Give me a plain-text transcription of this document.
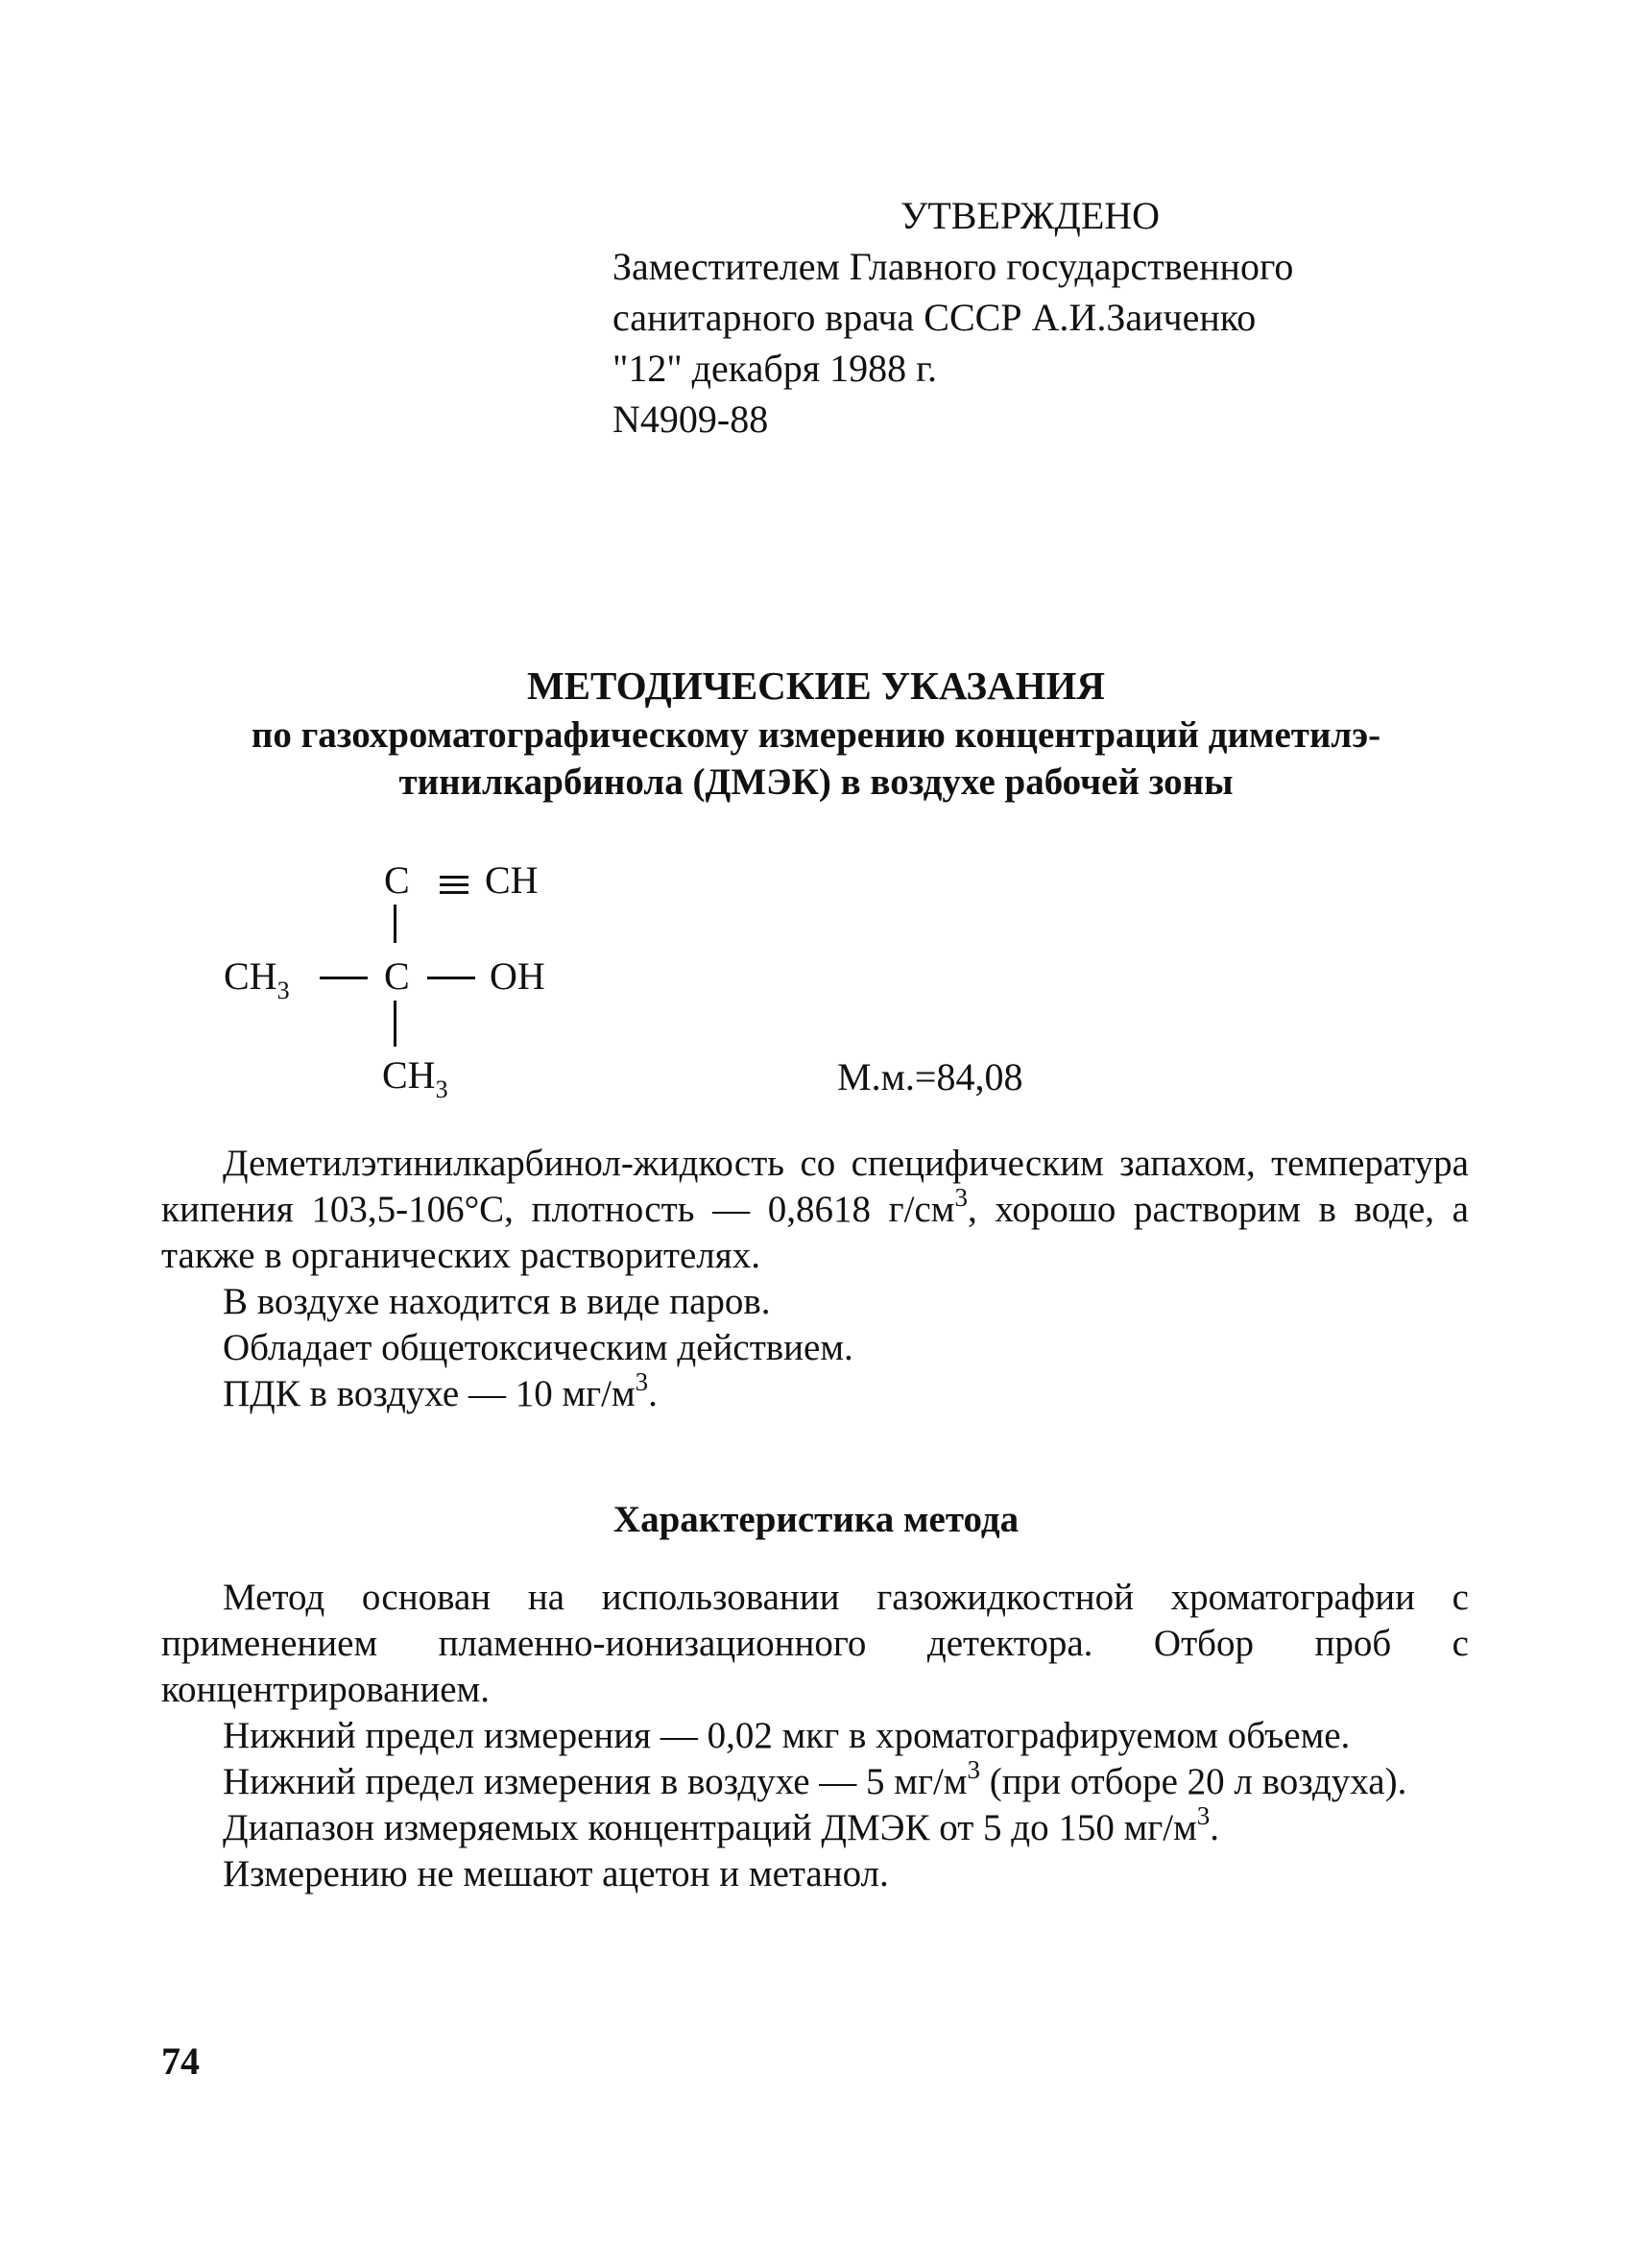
УТВЕРЖДЕНО
Заместителем Главного государственного
санитарного врача СССР А.И.Заиченко
"12" декабря 1988 г.
N4909-88
МЕТОДИЧЕСКИЕ УКАЗАНИЯ
по газохроматографическому измерению концентраций диметилэ-
тинилкарбинола (ДМЭК) в воздухе рабочей зоны
C CH
$CH_3$ C OH
$CH_3$	М.м.=84,08

Деметилэтинилкарбинол-жидкость со специфическим запахом, температура кипения 103,5-106°С, плотность — 0,8618 $г/см^3$, хорошо растворим в воде, а также в органических растворителях.

В воздухе находится в виде паров.

Обладает общетоксическим действием.

ПДК в воздухе — 10 $мг/м^3$.

Характеристика метода

Метод основан на использовании газожидкостной хроматографии с применением пламенно-ионизационного детектора. Отбор проб с концентрированием.

Нижний предел измерения — 0,02 мкг в хроматографируемом объеме.

Нижний предел измерения в воздухе — 5 $мг/м^3$ (при отборе 20 л воздуха).

Диапазон измеряемых концентраций ДМЭК от 5 до 150 $мг/м^3$.

Измерению не мешают ацетон и метанол.

74
